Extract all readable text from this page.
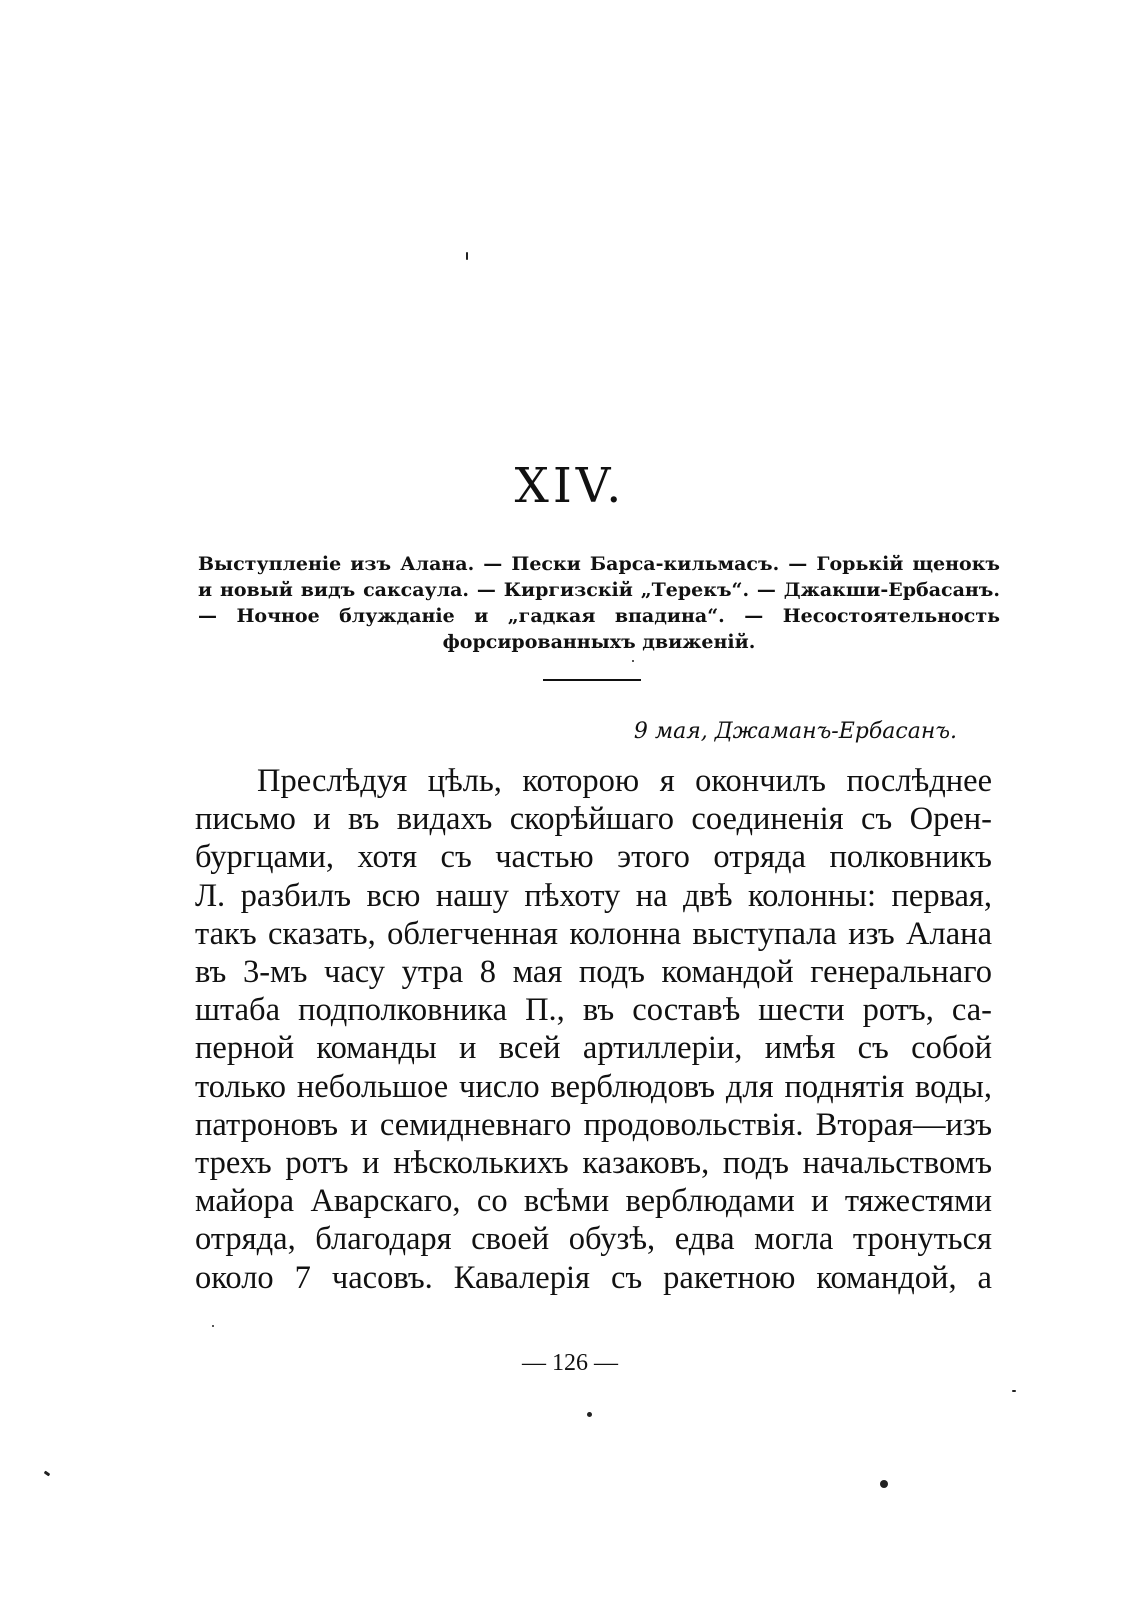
XIV.
Выступленіе изъ Алана. — Пески Барса-кильмасъ. — Горькій щенокъ и новый видъ саксаула. — Киргизскій „Терекъ“. — Джакши-Ербасанъ. — Ночное блужданіе и „гадкая впадина“. — Несостоятельность форсированныхъ движеній.
9 мая, Джаманъ-Ербасанъ.
Преслѣдуя цѣль, которою я окончилъ послѣднее
письмо и въ видахъ скорѣйшаго соединенія съ Орен-
бургцами, хотя съ частью этого отряда полковникъ
Л. разбилъ всю нашу пѣхоту на двѣ колонны: первая,
такъ сказать, облегченная колонна выступала изъ Алана
въ 3-мъ часу утра 8 мая подъ командой генеральнаго
штаба подполковника П., въ составѣ шести ротъ, са-
перной команды и всей артиллеріи, имѣя съ собой
только небольшое число верблюдовъ для поднятія воды,
патроновъ и семидневнаго продовольствія. Вторая—изъ
трехъ ротъ и нѣсколькихъ казаковъ, подъ начальствомъ
майора Аварскаго, со всѣми верблюдами и тяжестями
отряда, благодаря своей обузѣ, едва могла тронуться
около 7 часовъ. Кавалерія съ ракетною командой, а
— 126 —
